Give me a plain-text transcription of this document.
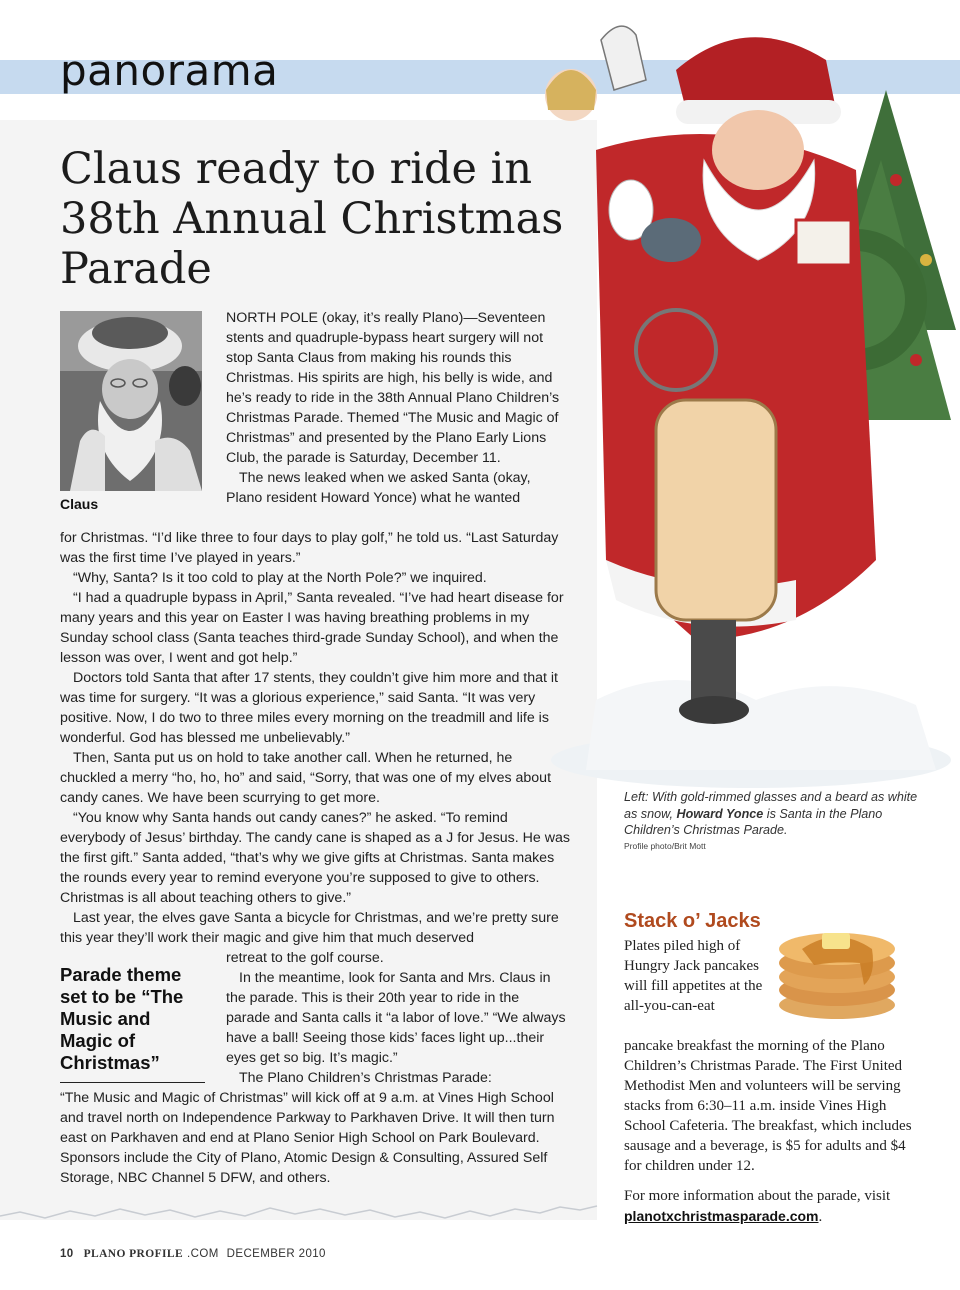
panorama
Claus ready to ride in 38th Annual Christmas Parade
Claus

NORTH POLE (okay, it’s really Plano)—Seventeen stents and quadruple-bypass heart surgery will not stop Santa Claus from making his rounds this Christmas. His spirits are high, his belly is wide, and he’s ready to ride in the 38th Annual Plano Children’s Christmas Parade. Themed “The Music and Magic of Christmas” and presented by the Plano Early Lions Club, the parade is Saturday, December 11.

The news leaked when we asked Santa (okay, Plano resident Howard Yonce) what he wanted

for Christmas. “I’d like three to four days to play golf,” he told us. “Last Saturday was the first time I’ve played in years.”

“Why, Santa? Is it too cold to play at the North Pole?” we inquired.

“I had a quadruple bypass in April,” Santa revealed. “I’ve had heart disease for many years and this year on Easter I was having breathing problems in my Sunday school class (Santa teaches third-grade Sunday School), and when the lesson was over, I went and got help.”

Doctors told Santa that after 17 stents, they couldn’t give him more and that it was time for surgery. “It was a glorious experience,” said Santa. “It was very positive. Now, I do two to three miles every morning on the treadmill and life is wonderful. God has blessed me unbelievably.”

Then, Santa put us on hold to take another call. When he returned, he chuckled a merry “ho, ho, ho” and said, “Sorry, that was one of my elves about candy canes. We have been scurrying to get more.

“You know why Santa hands out candy canes?” he asked. “To remind everybody of Jesus’ birthday. The candy cane is shaped as a J for Jesus. He was the first gift.” Santa added, “that’s why we give gifts at Christmas. Santa makes the rounds every year to remind everyone you’re supposed to give to others. Christmas is all about teaching others to give.”

Last year, the elves gave Santa a bicycle for Christmas, and we’re pretty sure this year they’ll work their magic and give him that much deserved

Parade theme set to be “The Music and Magic of Christmas”

retreat to the golf course.

In the meantime, look for Santa and Mrs. Claus in the parade. This is their 20th year to ride in the parade and Santa calls it “a labor of love.” “We always have a ball! Seeing those kids’ faces light up...their eyes get so big. It’s magic.”

The Plano Children’s Christmas Parade:

“The Music and Magic of Christmas” will kick off at 9 a.m. at Vines High School and travel north on Independence Parkway to Parkhaven Drive. It will then turn east on Parkhaven and end at Plano Senior High School on Park Boulevard. Sponsors include the City of Plano, Atomic Design & Consulting, Assured Self Storage, NBC Channel 5 DFW, and others.

Left: With gold-rimmed glasses and a beard as white as snow, Howard Yonce is Santa in the Plano Children’s Christmas Parade.
Profile photo/Brit Mott
Stack o’ Jacks
Plates piled high of Hungry Jack pancakes will fill appetites at the all-you-can-eat
pancake breakfast the morning of the Plano Children’s Christmas Parade. The First United Methodist Men and volunteers will be serving stacks from 6:30–11 a.m. inside Vines High School Cafeteria. The breakfast, which includes sausage and a beverage, is $5 for adults and $4 for children under 12.
For more information about the parade, visit planotxchristmasparade.com.
10 PLANO PROFILE .COM DECEMBER 2010
